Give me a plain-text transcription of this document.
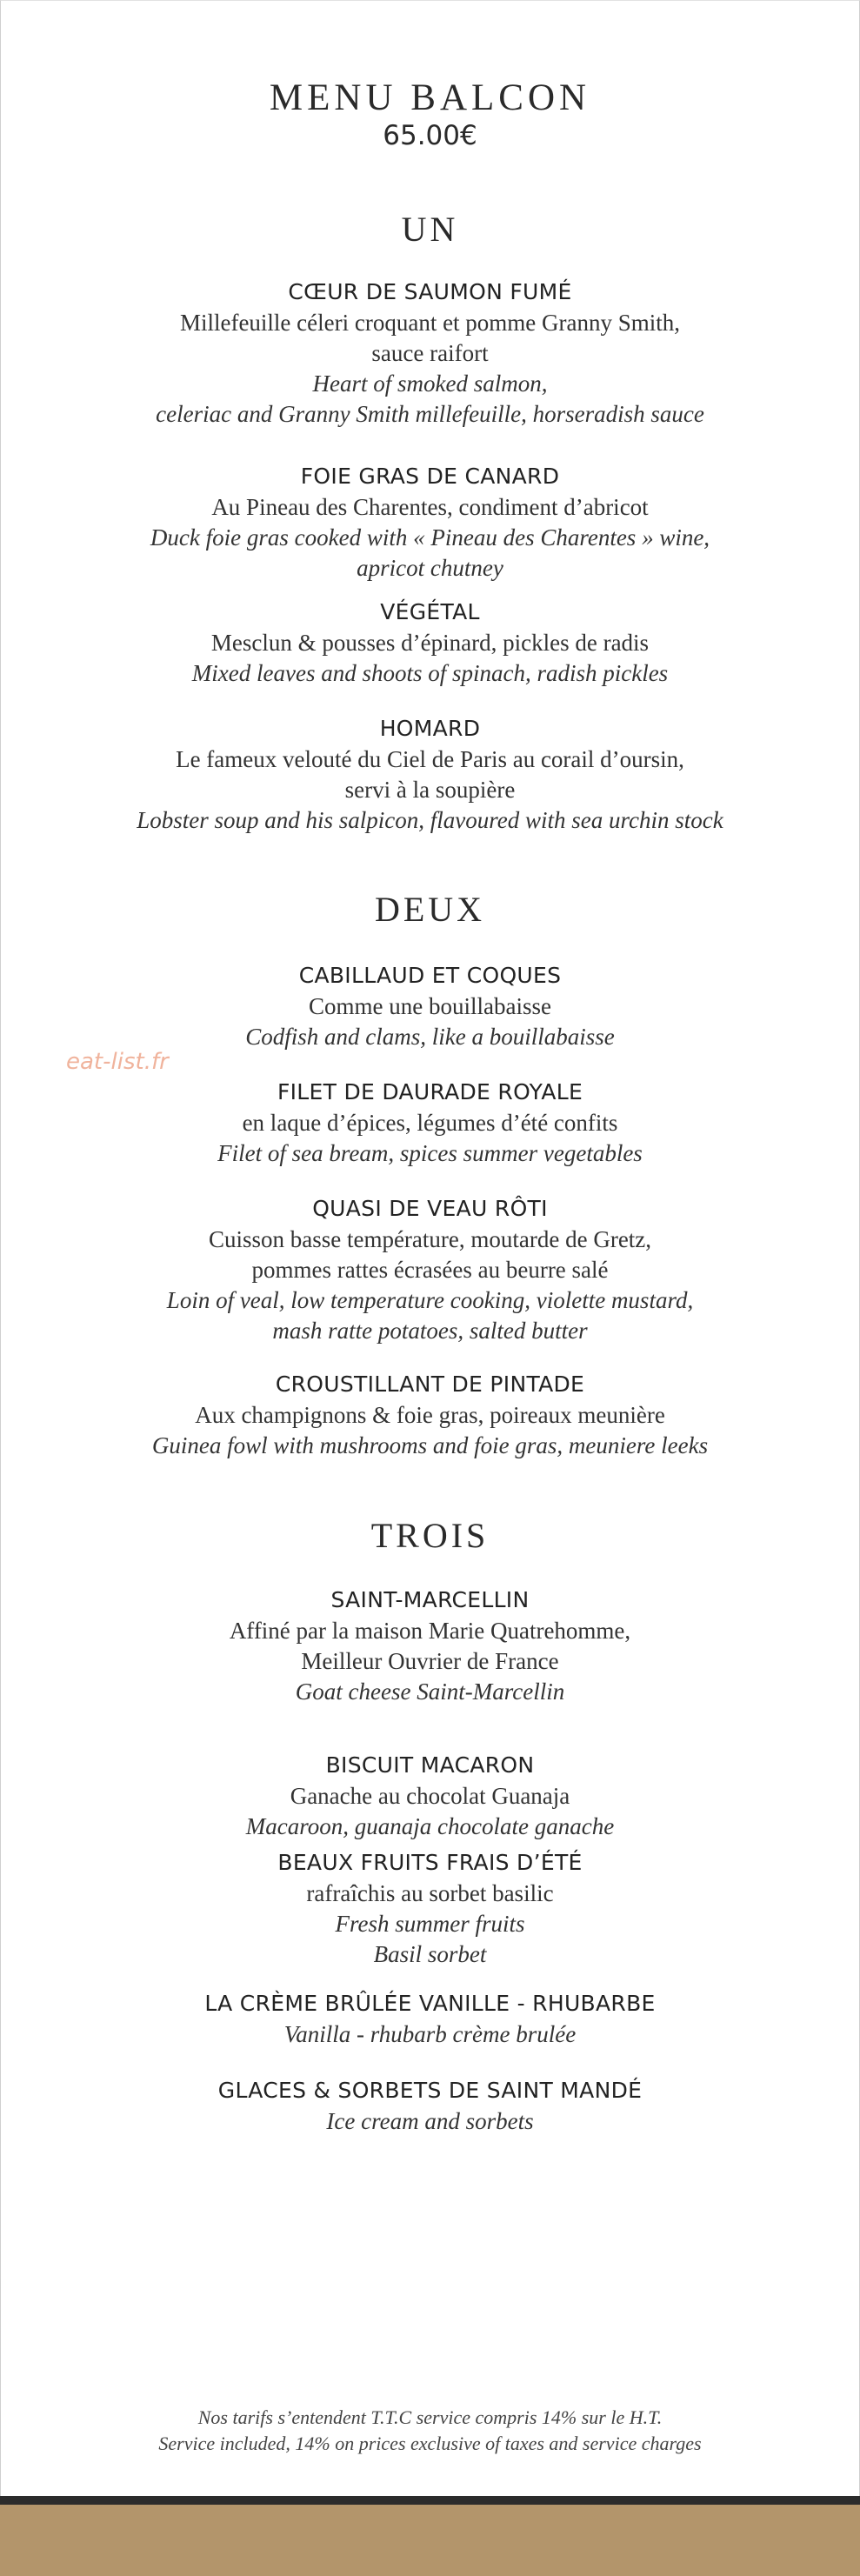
MENU BALCON
65.00€
eat-list.fr
UN
CŒUR DE SAUMON FUMÉ
Millefeuille céleri croquant et pomme Granny Smith,
sauce raifort
Heart of smoked salmon,
celeriac and Granny Smith millefeuille, horseradish sauce
FOIE GRAS DE CANARD
Au Pineau des Charentes, condiment d’abricot
Duck foie gras cooked with « Pineau des Charentes » wine,
apricot chutney
VÉGÉTAL
Mesclun & pousses d’épinard, pickles de radis
Mixed leaves and shoots of spinach, radish pickles
HOMARD
Le fameux velouté du Ciel de Paris au corail d’oursin,
servi à la soupière
Lobster soup and his salpicon, flavoured with sea urchin stock
DEUX
CABILLAUD ET COQUES
Comme une bouillabaisse
Codfish and clams, like a bouillabaisse
FILET DE DAURADE ROYALE
en laque d’épices, légumes d’été confits
Filet of sea bream, spices summer vegetables
QUASI DE VEAU RÔTI
Cuisson basse température, moutarde de Gretz,
pommes rattes écrasées au beurre salé
Loin of veal, low temperature cooking, violette mustard,
mash ratte potatoes, salted butter
CROUSTILLANT DE PINTADE
Aux champignons & foie gras, poireaux meunière
Guinea fowl with mushrooms and foie gras, meuniere leeks
TROIS
SAINT-MARCELLIN
Affiné par la maison Marie Quatrehomme,
Meilleur Ouvrier de France
Goat cheese Saint-Marcellin
BISCUIT MACARON
Ganache au chocolat Guanaja
Macaroon, guanaja chocolate ganache
BEAUX FRUITS FRAIS D’ÉTÉ
rafraîchis au sorbet basilic
Fresh summer fruits
Basil sorbet
LA CRÈME BRÛLÉE VANILLE - RHUBARBE
Vanilla - rhubarb crème brulée
GLACES & SORBETS DE SAINT MANDÉ
Ice cream and sorbets
Nos tarifs s’entendent T.T.C service compris 14% sur le H.T.
Service included, 14% on prices exclusive of taxes and service charges
